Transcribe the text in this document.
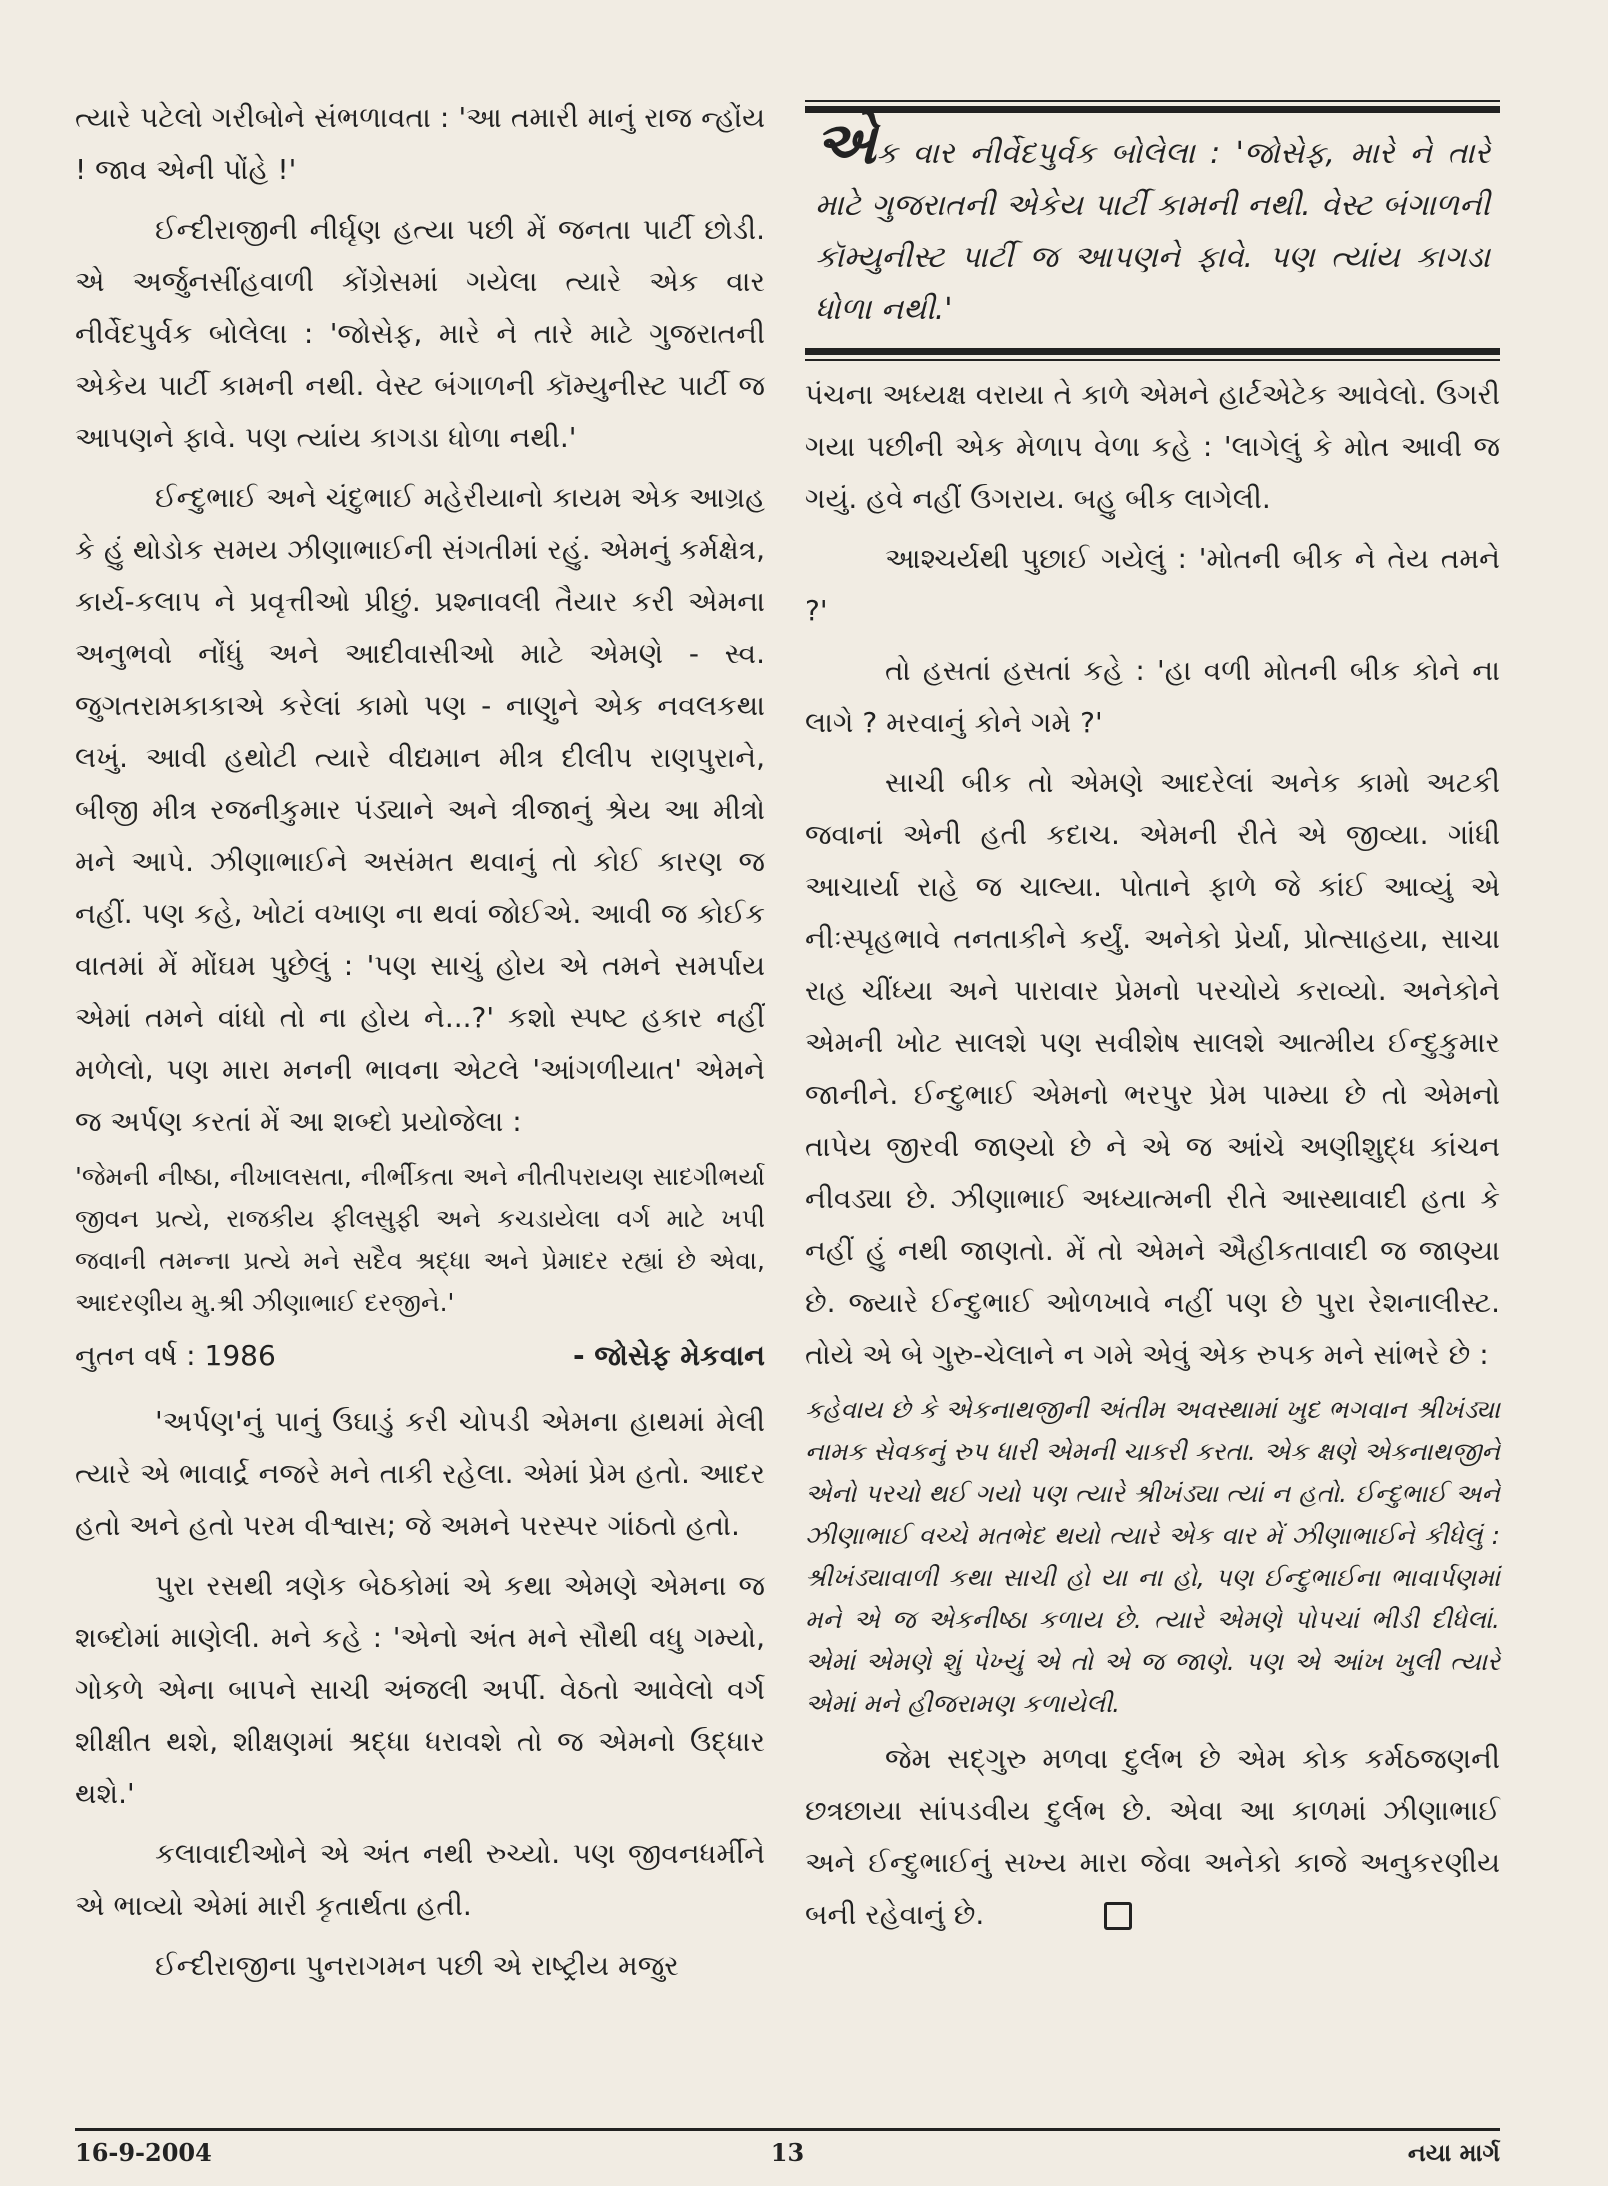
ત્યારે પટેલો ગરીબોને સંભળાવતા : 'આ તમારી માનું રાજ ન્હોંય ! જાવ એની પોંહે !'

ઈન્દીરાજીની નીર્ઘૃણ હત્યા પછી મેં જનતા પાર્ટી છોડી. એ અર્જુનસીંહવાળી કોંગ્રેસમાં ગયેલા ત્યારે એક વાર નીર્વેદપુર્વક બોલેલા : 'જોસેફ, મારે ને તારે માટે ગુજરાતની એકેય પાર્ટી કામની નથી. વેસ્ટ બંગાળની કૉમ્યુનીસ્ટ પાર્ટી જ આપણને ફાવે. પણ ત્યાંય કાગડા ધોળા નથી.'

ઈન્દુભાઈ અને ચંદુભાઈ મહેરીયાનો કાયમ એક આગ્રહ કે હું થોડોક સમય ઝીણાભાઈની સંગતીમાં રહું. એમનું કર્મક્ષેત્ર, કાર્ય-કલાપ ને પ્રવૃત્તીઓ પ્રીછું. પ્રશ્નાવલી તૈયાર કરી એમના અનુભવો નોંધું અને આદીવાસીઓ માટે એમણે - સ્વ. જુગતરામકાકાએ કરેલાં કામો પણ - નાણુને એક નવલકથા લખું. આવી હથોટી ત્યારે વીદ્યમાન મીત્ર દીલીપ રાણપુરાને, બીજી મીત્ર રજનીકુમાર પંડ્યાને અને ત્રીજાનું શ્રેય આ મીત્રો મને આપે. ઝીણાભાઈને અસંમત થવાનું તો કોઈ કારણ જ નહીં. પણ કહે, ખોટાં વખાણ ના થવાં જોઈએ. આવી જ કોઈક વાતમાં મેં મોંઘમ પુછેલું : 'પણ સાચું હોય એ તમને સમર્પાય એમાં તમને વાંધો તો ના હોય ને...?' કશો સ્પષ્ટ હકાર નહીં મળેલો, પણ મારા મનની ભાવના એટલે 'આંગળીયાત' એમને જ અર્પણ કરતાં મેં આ શબ્દો પ્રયોજેલા :

'જેમની નીષ્ઠા, નીખાલસતા, નીર્ભીકતા અને નીતીપરાયણ સાદગીભર્યા જીવન પ્રત્યે, રાજકીય ફીલસુફી અને કચડાયેલા વર્ગ માટે ખપી જવાની તમન્ના પ્રત્યે મને સદૈવ શ્રદ્ધા અને પ્રેમાદર રહ્યાં છે એવા, આદરણીય મુ.શ્રી ઝીણાભાઈ દરજીને.'

નુતન વર્ષ : 1986	- જોસેફ મેકવાન

'અર્પણ'નું પાનું ઉઘાડું કરી ચોપડી એમના હાથમાં મેલી ત્યારે એ ભાવાર્દ્ર નજરે મને તાકી રહેલા. એમાં પ્રેમ હતો. આદર હતો અને હતો પરમ વીશ્વાસ; જે અમને પરસ્પર ગાંઠતો હતો.

પુરા રસથી ત્રણેક બેઠકોમાં એ કથા એમણે એમના જ શબ્દોમાં માણેલી. મને કહે : 'એનો અંત મને સૌથી વધુ ગમ્યો, ગોકળે એના બાપને સાચી અંજલી અર્પી. વેઠતો આવેલો વર્ગ શીક્ષીત થશે, શીક્ષણમાં શ્રદ્ધા ધરાવશે તો જ એમનો ઉદ્ધાર થશે.'

કલાવાદીઓને એ અંત નથી રુચ્યો. પણ જીવનધર્મીને એ ભાવ્યો એમાં મારી કૃતાર્થતા હતી.

ઈન્દીરાજીના પુનરાગમન પછી એ રાષ્ટ્રીય મજુર

એક વાર નીર્વેદપુર્વક બોલેલા : 'જોસેફ, મારે ને તારે માટે ગુજરાતની એકેય પાર્ટી કામની નથી. વેસ્ટ બંગાળની કૉમ્યુનીસ્ટ પાર્ટી જ આપણને ફાવે. પણ ત્યાંય કાગડા ધોળા નથી.'

પંચના અધ્યક્ષ વરાયા તે કાળે એમને હાર્ટએટેક આવેલો. ઉગરી ગયા પછીની એક મેળાપ વેળા કહે : 'લાગેલું કે મોત આવી જ ગયું. હવે નહીં ઉગરાય. બહુ બીક લાગેલી.

આશ્ચર્યથી પુછાઈ ગયેલું : 'મોતની બીક ને તેય તમને ?'

તો હસતાં હસતાં કહે : 'હા વળી મોતની બીક કોને ના લાગે ? મરવાનું કોને ગમે ?'

સાચી બીક તો એમણે આદરેલાં અનેક કામો અટકી જવાનાં એની હતી કદાચ. એમની રીતે એ જીવ્યા. ગાંધી આચાર્યા રાહે જ ચાલ્યા. પોતાને ફાળે જે કાંઈ આવ્યું એ નીઃસ્પૃહભાવે તનતાકીને કર્યું. અનેકો પ્રેર્યા, પ્રોત્સાહયા, સાચા રાહ ચીંધ્યા અને પારાવાર પ્રેમનો પરચોયે કરાવ્યો. અનેકોને એમની ખોટ સાલશે પણ સવીશેષ સાલશે આત્મીય ઈન્દુકુમાર જાનીને. ઈન્દુભાઈ એમનો ભરપુર પ્રેમ પામ્યા છે તો એમનો તાપેય જીરવી જાણ્યો છે ને એ જ આંચે અણીશુદ્ધ કાંચન નીવડ્યા છે. ઝીણાભાઈ અધ્યાત્મની રીતે આસ્થાવાદી હતા કે નહીં હું નથી જાણતો. મેં તો એમને ઐહીકતાવાદી જ જાણ્યા છે. જ્યારે ઈન્દુભાઈ ઓળખાવે નહીં પણ છે પુરા રેશનાલીસ્ટ. તોયે એ બે ગુરુ-ચેલાને ન ગમે એવું એક રુપક મને સાંભરે છે :

કહેવાય છે કે એકનાથજીની અંતીમ અવસ્થામાં ખુદ ભગવાન શ્રીખંડ્યા નામક સેવકનું રુપ ધારી એમની ચાકરી કરતા. એક ક્ષણે એકનાથજીને એનો પરચો થઈ ગયો પણ ત્યારે શ્રીખંડ્યા ત્યાં ન હતો. ઈન્દુભાઈ અને ઝીણાભાઈ વચ્ચે મતભેદ થયો ત્યારે એક વાર મેં ઝીણાભાઈને કીધેલું : શ્રીખંડ્યાવાળી કથા સાચી હો યા ના હો, પણ ઈન્દુભાઈના ભાવાર્પણમાં મને એ જ એકનીષ્ઠા કળાય છે. ત્યારે એમણે પોપચાં ભીડી દીધેલાં. એમાં એમણે શું પેખ્યું એ તો એ જ જાણે. પણ એ આંખ ખુલી ત્યારે એમાં મને હીજરામણ કળાયેલી.

જેમ સદ્ગુરુ મળવા દુર્લભ છે એમ કોક કર્મઠજણની છત્રછાયા સાંપડવીય દુર્લભ છે. એવા આ કાળમાં ઝીણાભાઈ અને ઈન્દુભાઈનું સખ્ય મારા જેવા અનેકો કાજે અનુકરણીય બની રહેવાનું છે.

16-9-2004	13	નયા માર્ગ
